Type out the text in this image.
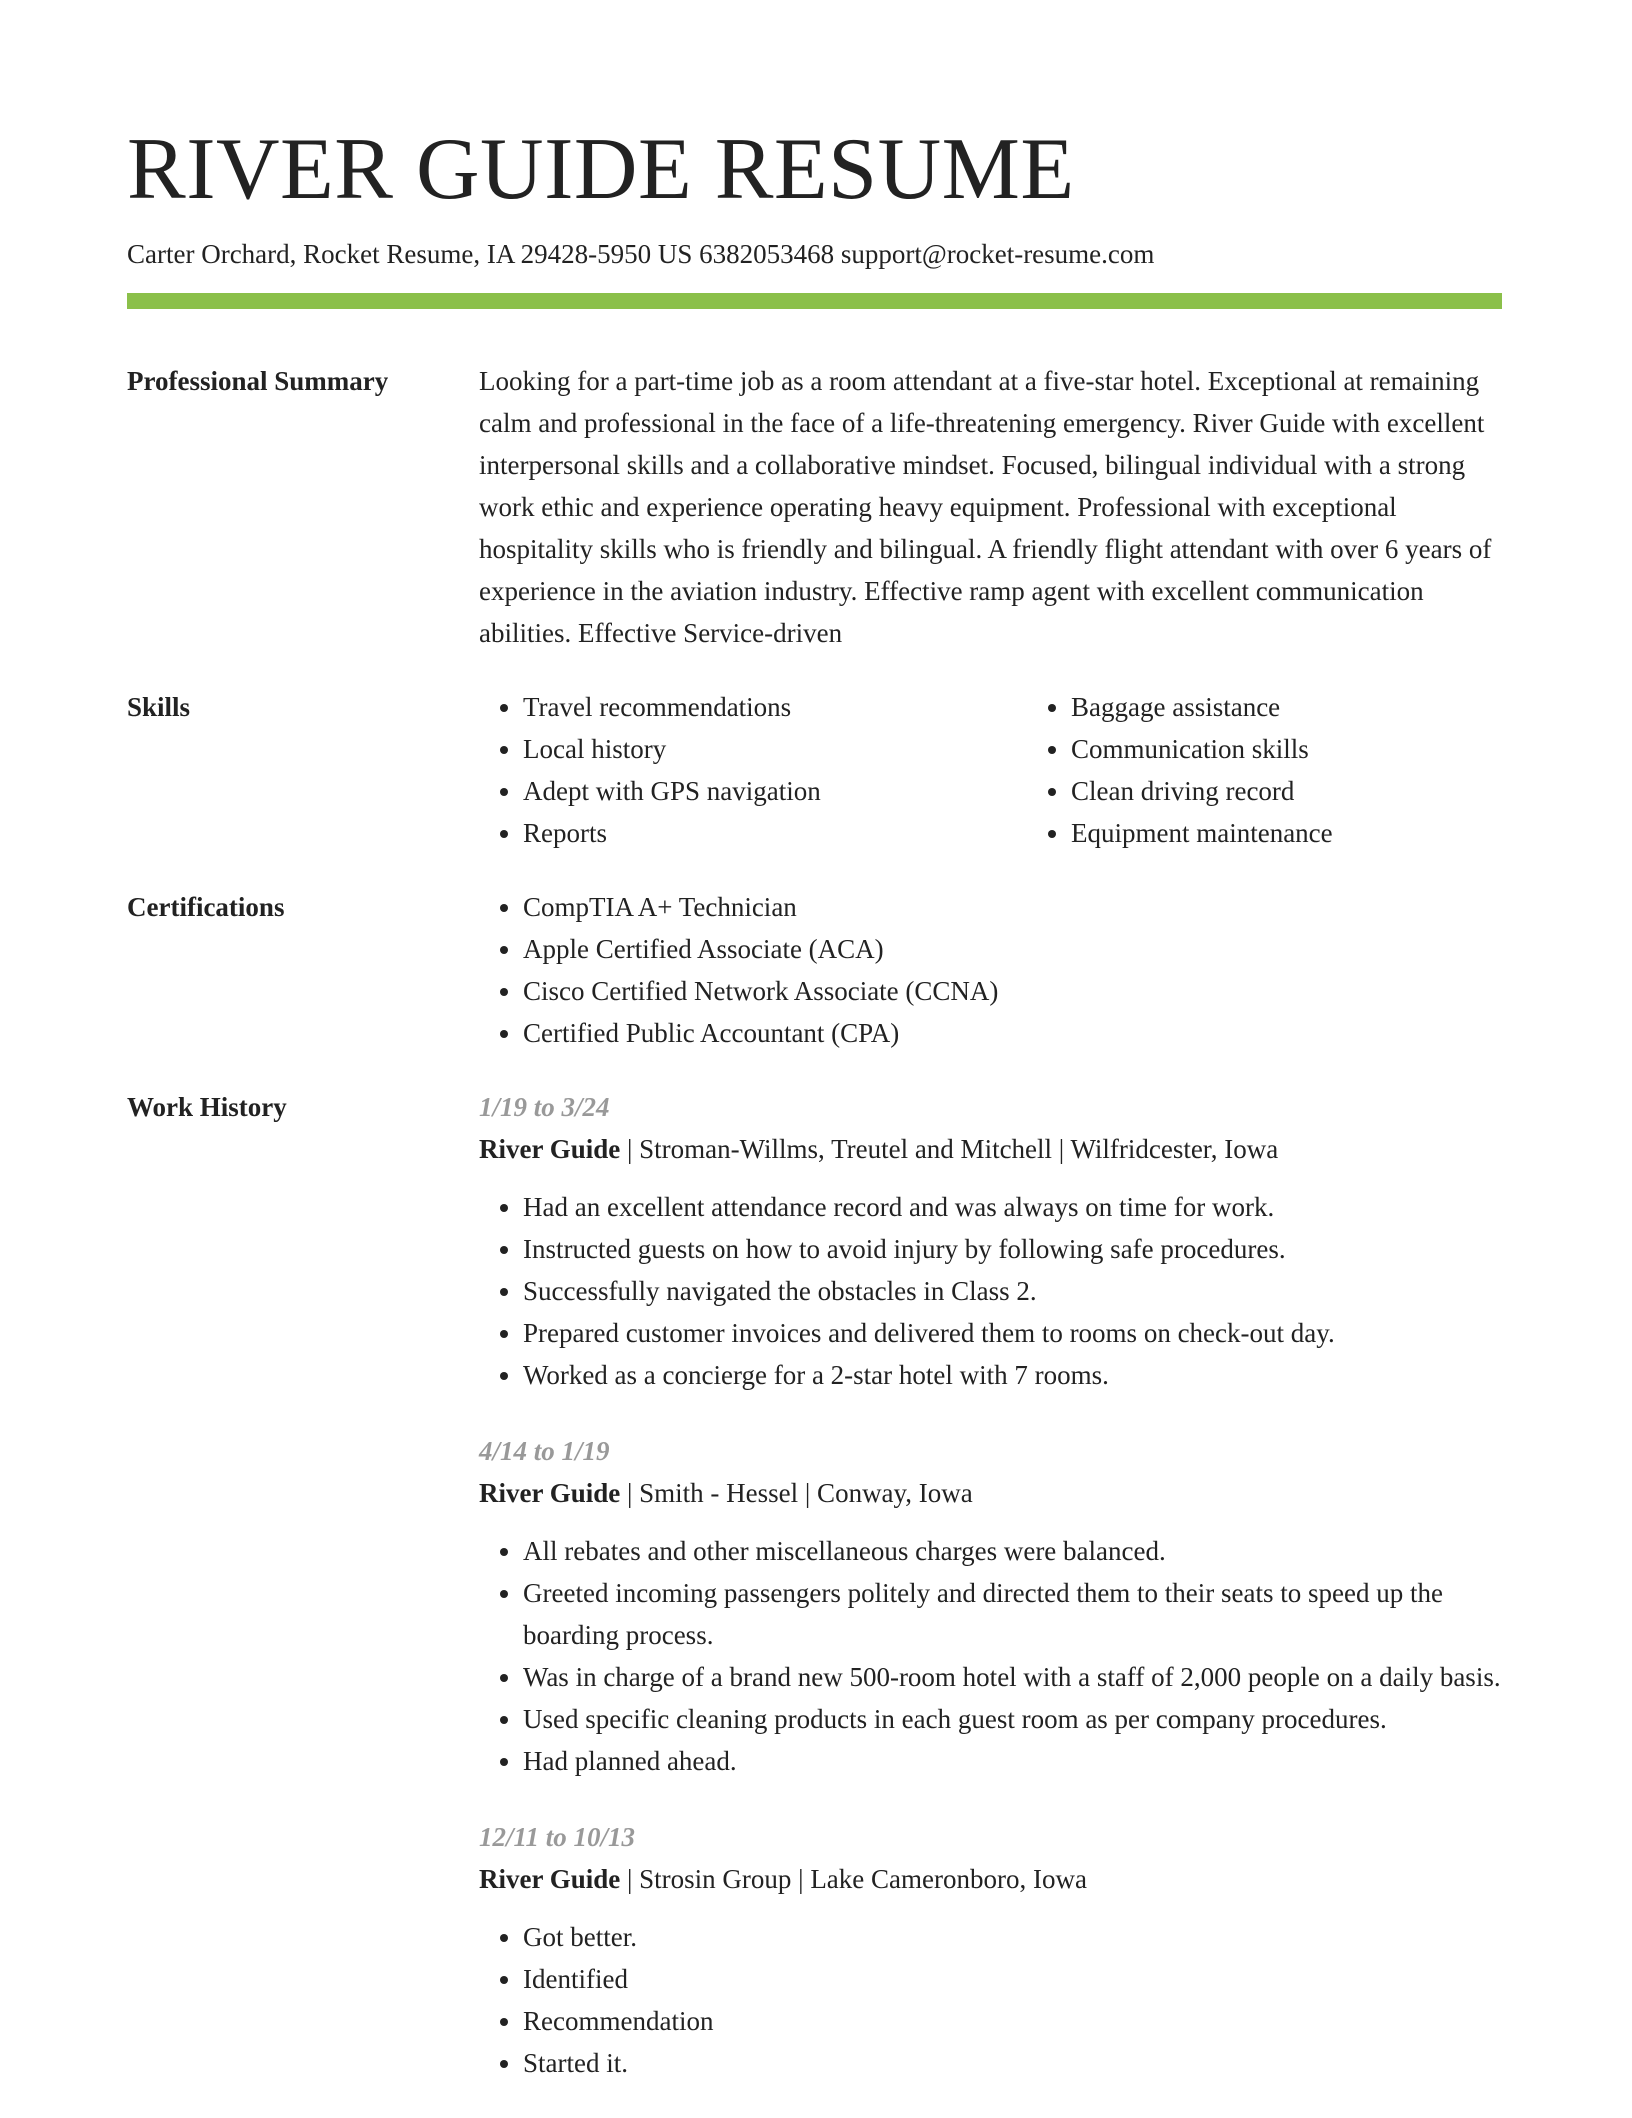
RIVER GUIDE RESUME
Carter Orchard, Rocket Resume, IA 29428-5950 US 6382053468 support@rocket-resume.com
Professional Summary	Looking for a part-time job as a room attendant at a five-star hotel. Exceptional at remaining calm and professional in the face of a life-threatening emergency. River Guide with excellent interpersonal skills and a collaborative mindset. Focused, bilingual individual with a strong work ethic and experience operating heavy equipment. Professional with exceptional hospitality skills who is friendly and bilingual. A friendly flight attendant with over 6 years of experience in the aviation industry. Effective ramp agent with excellent communication abilities. Effective Service-driven
Skills	• Travel recommendations
• Local history
• Adept with GPS navigation
• Reports
• Baggage assistance
• Communication skills
• Clean driving record
• Equipment maintenance
Certifications	• CompTIA A+ Technician
• Apple Certified Associate (ACA)
• Cisco Certified Network Associate (CCNA)
• Certified Public Accountant (CPA)
Work History	1/19 to 3/24
River Guide | Stroman-Willms, Treutel and Mitchell | Wilfridcester, Iowa
• Had an excellent attendance record and was always on time for work.
• Instructed guests on how to avoid injury by following safe procedures.
• Successfully navigated the obstacles in Class 2.
• Prepared customer invoices and delivered them to rooms on check-out day.
• Worked as a concierge for a 2-star hotel with 7 rooms.
4/14 to 1/19
River Guide | Smith - Hessel | Conway, Iowa
• All rebates and other miscellaneous charges were balanced.
• Greeted incoming passengers politely and directed them to their seats to speed up the boarding process.
• Was in charge of a brand new 500-room hotel with a staff of 2,000 people on a daily basis.
• Used specific cleaning products in each guest room as per company procedures.
• Had planned ahead.
12/11 to 10/13
River Guide | Strosin Group | Lake Cameronboro, Iowa
• Got better.
• Identified
• Recommendation
• Started it.
